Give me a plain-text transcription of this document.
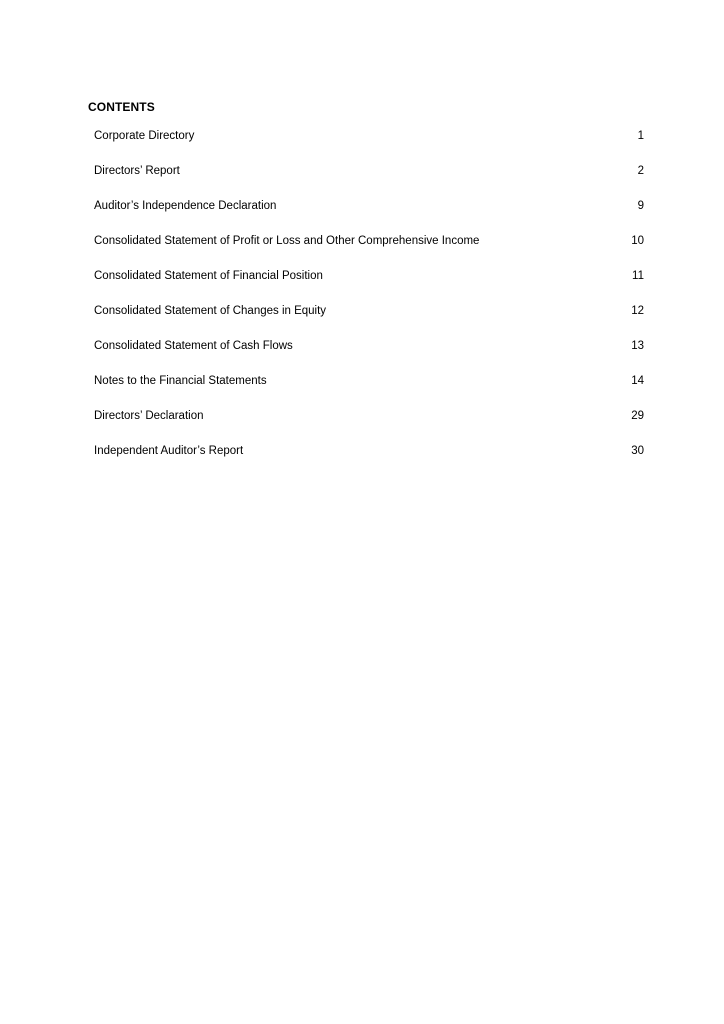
CONTENTS
Corporate Directory	1
Directors’ Report	2
Auditor’s Independence Declaration	9
Consolidated Statement of Profit or Loss and Other Comprehensive Income	10
Consolidated Statement of Financial Position	11
Consolidated Statement of Changes in Equity	12
Consolidated Statement of Cash Flows	13
Notes to the Financial Statements	14
Directors’ Declaration	29
Independent Auditor’s Report	30
